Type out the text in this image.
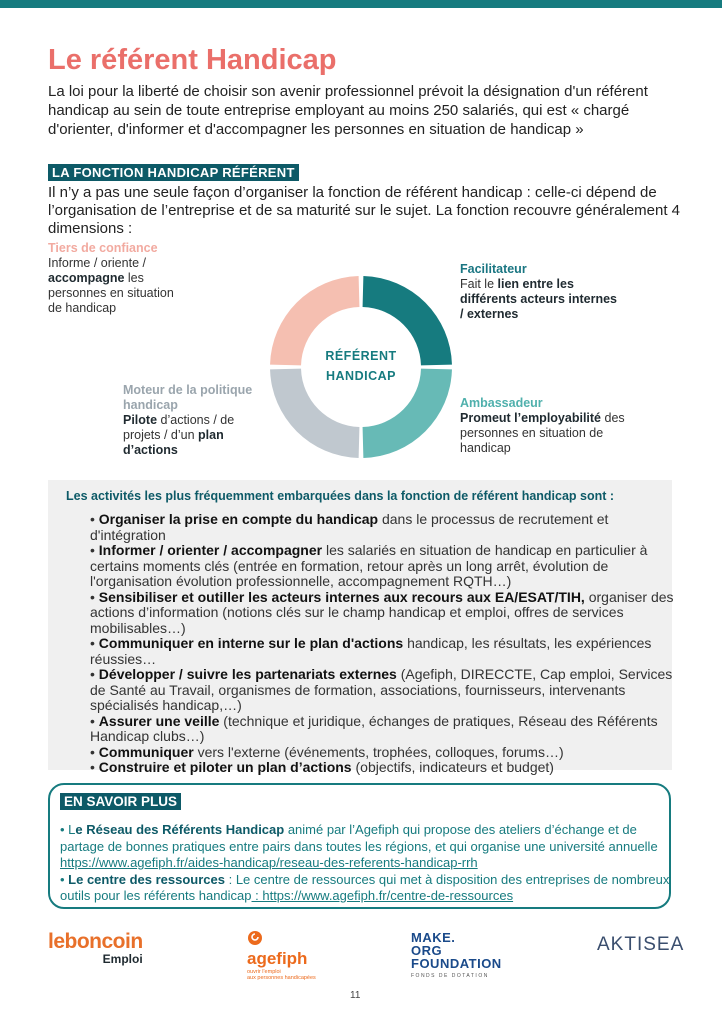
Le référent Handicap
La loi pour la liberté de choisir son avenir professionnel prévoit la désignation d'un référent handicap au sein de toute entreprise employant au moins 250 salariés, qui est « chargé d'orienter, d'informer et d'accompagner les personnes en situation de handicap »
LA FONCTION HANDICAP RÉFÉRENT
Il n’y a pas une seule façon d’organiser la fonction de référent handicap : celle-ci dépend de l’organisation de l’entreprise et de sa maturité sur le sujet. La fonction recouvre généralement 4 dimensions :
Tiers de confiance
Informe / oriente / accompagne les personnes en situation de handicap
Facilitateur
Fait le lien entre les différents acteurs internes / externes
Ambassadeur
Promeut l’employabilité des personnes en situation de handicap
Moteur de la politique handicap
Pilote d’actions / de projets / d’un plan d’actions
RÉFÉRENT
HANDICAP
Les activités les plus fréquemment embarquées dans la fonction de référent handicap sont :

• Organiser la prise en compte du handicap dans le processus de recrutement et d'intégration

• Informer / orienter / accompagner les salariés en situation de handicap en particulier à certains moments clés (entrée en formation, retour après un long arrêt, évolution de l'organisation évolution professionnelle, accompagnement RQTH…)

• Sensibiliser et outiller les acteurs internes aux recours aux EA/ESAT/TIH, organiser des actions d’information (notions clés sur le champ handicap et emploi, offres de services mobilisables…)

• Communiquer en interne sur le plan d'actions handicap, les résultats, les expériences réussies…

• Développer / suivre les partenariats externes (Agefiph, DIRECCTE, Cap emploi, Services de Santé au Travail, organismes de formation, associations, fournisseurs, intervenants spécialisés handicap,…)

• Assurer une veille (technique et juridique, échanges de pratiques, Réseau des Référents Handicap clubs…)

• Communiquer vers l'externe (événements, trophées, colloques, forums…)

• Construire et piloter un plan d’actions (objectifs, indicateurs et budget)

EN SAVOIR PLUS
• Le Réseau des Référents Handicap animé par l’Agefiph qui propose des ateliers d’échange et de partage de bonnes pratiques entre pairs dans toutes les régions, et qui organise une université annuelle https://www.agefiph.fr/aides-handicap/reseau-des-referents-handicap-rrh
• Le centre des ressources : Le centre de ressources qui met à disposition des entreprises de nombreux outils pour les référents handicap : https://www.agefiph.fr/centre-de-ressources
leboncoin
Emploi	agefiph
ouvrir l'emploi
aux personnes handicapées
MAKE.
ORG
FOUNDATION
FONDS DE DOTATION
AKTISEA
11
